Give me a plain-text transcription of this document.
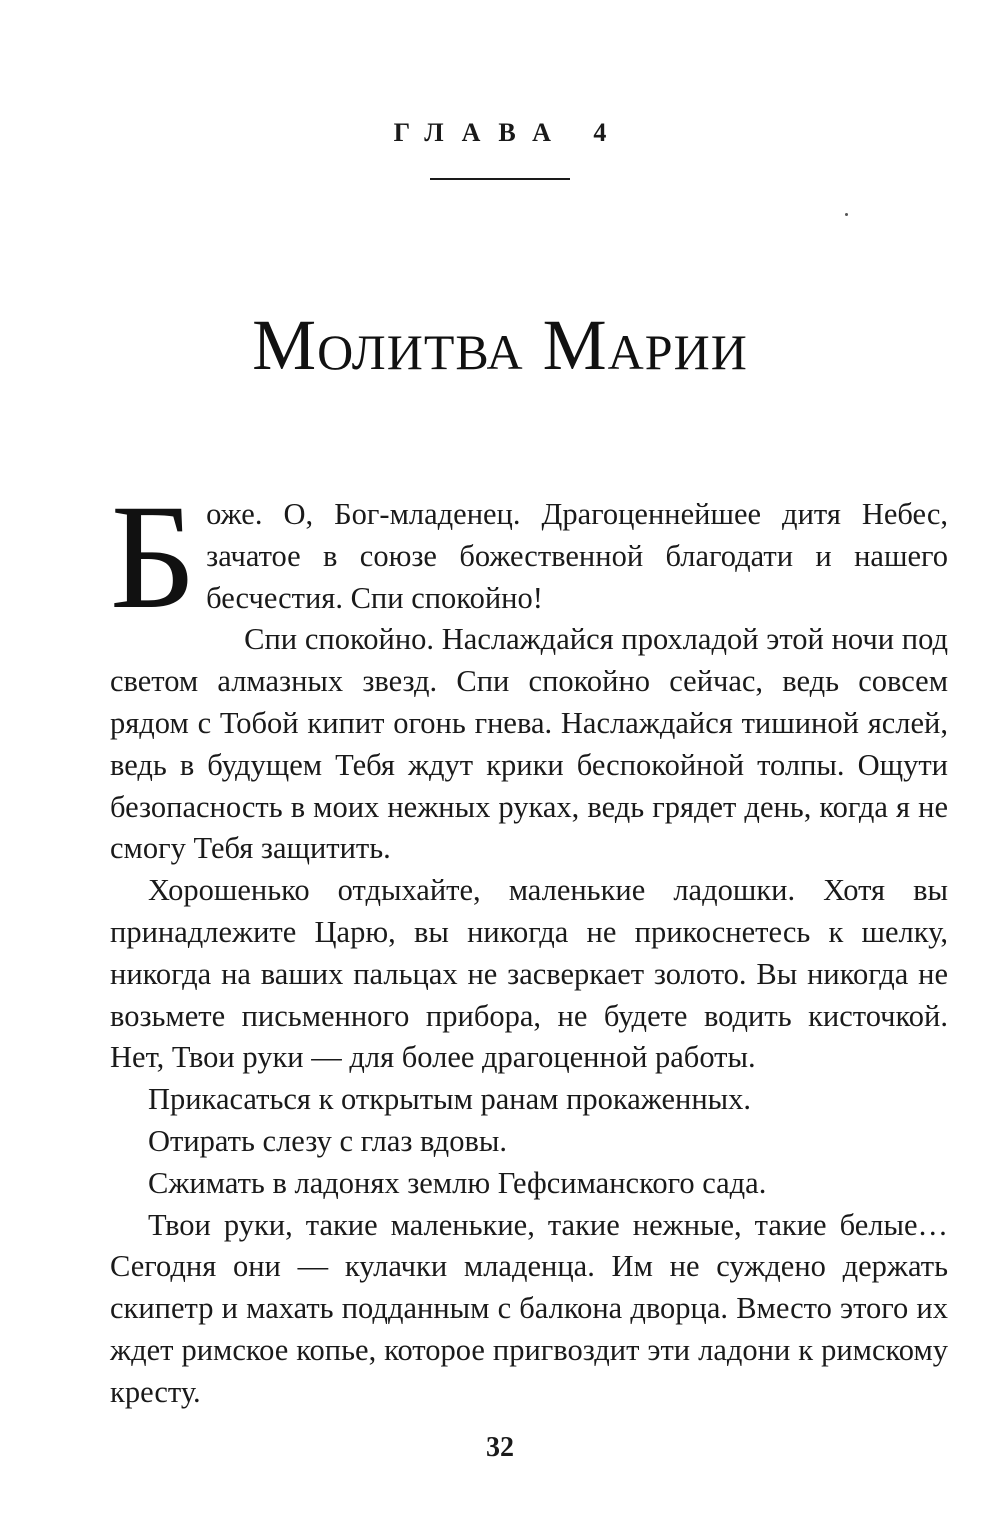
ГЛАВА 4
Молитва Марии

Боже. О, Бог-младенец. Драгоценнейшее дитя Небес, зачатое в союзе божественной благодати и нашего бесчестия. Спи спокойно!

Спи спокойно. Наслаждайся прохладой этой ночи под светом алмазных звезд. Спи спокойно сейчас, ведь совсем рядом с Тобой кипит огонь гнева. Наслаждайся тишиной яслей, ведь в будущем Тебя ждут крики беспокойной толпы. Ощути безопасность в моих нежных руках, ведь грядет день, когда я не смогу Тебя защитить.

Хорошенько отдыхайте, маленькие ладошки. Хотя вы принадлежите Царю, вы никогда не прикоснетесь к шелку, никогда на ваших пальцах не засверкает золото. Вы никогда не возьмете письменного прибора, не будете водить кисточкой. Нет, Твои руки — для более драгоценной работы.

Прикасаться к открытым ранам прокаженных.

Отирать слезу с глаз вдовы.

Сжимать в ладонях землю Гефсиманского сада.

Твои руки, такие маленькие, такие нежные, такие белые… Сегодня они — кулачки младенца. Им не суждено держать скипетр и махать подданным с балкона дворца. Вместо этого их ждет римское копье, которое пригвоздит эти ладони к римскому кресту.

32
